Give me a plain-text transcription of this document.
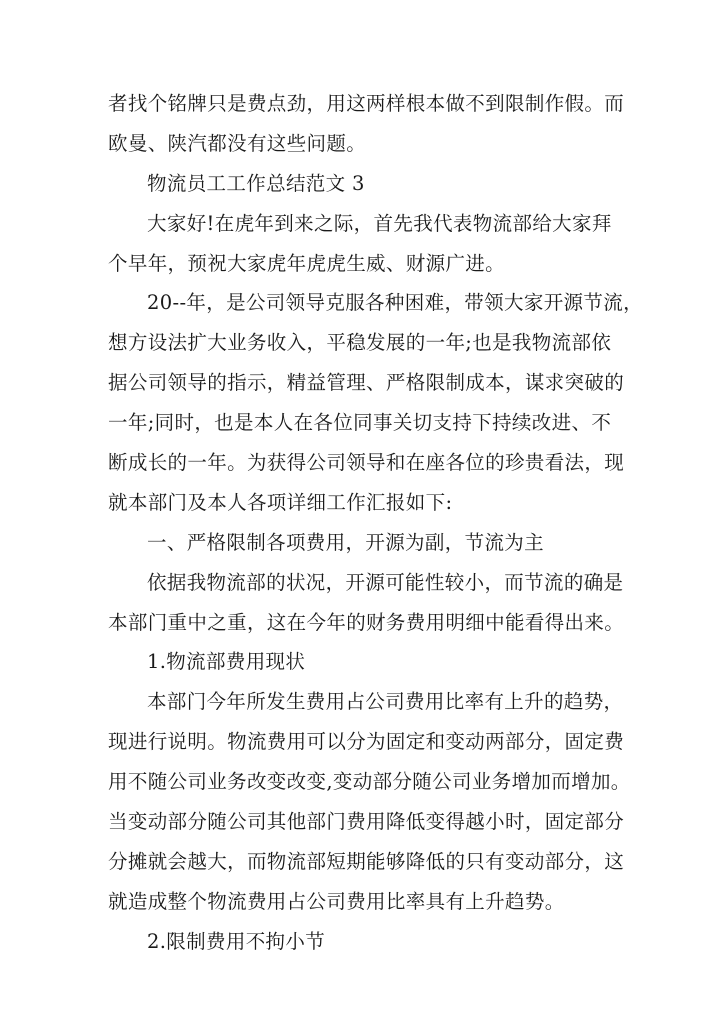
者找个铭牌只是费点劲，用这两样根本做不到限制作假。而

欧曼、陕汽都没有这些问题。

物流员工工作总结范文 3

大家好!在虎年到来之际，首先我代表物流部给大家拜

个早年，预祝大家虎年虎虎生威、财源广进。

20--年，是公司领导克服各种困难，带领大家开源节流，

想方设法扩大业务收入，平稳发展的一年;也是我物流部依

据公司领导的指示，精益管理、严格限制成本，谋求突破的

一年;同时，也是本人在各位同事关切支持下持续改进、不

断成长的一年。为获得公司领导和在座各位的珍贵看法，现

就本部门及本人各项详细工作汇报如下:

一、严格限制各项费用，开源为副，节流为主

依据我物流部的状况，开源可能性较小，而节流的确是

本部门重中之重，这在今年的财务费用明细中能看得出来。

1.物流部费用现状

本部门今年所发生费用占公司费用比率有上升的趋势，

现进行说明。物流费用可以分为固定和变动两部分，固定费

用不随公司业务改变改变,变动部分随公司业务增加而增加。

当变动部分随公司其他部门费用降低变得越小时，固定部分

分摊就会越大，而物流部短期能够降低的只有变动部分，这

就造成整个物流费用占公司费用比率具有上升趋势。

2.限制费用不拘小节
